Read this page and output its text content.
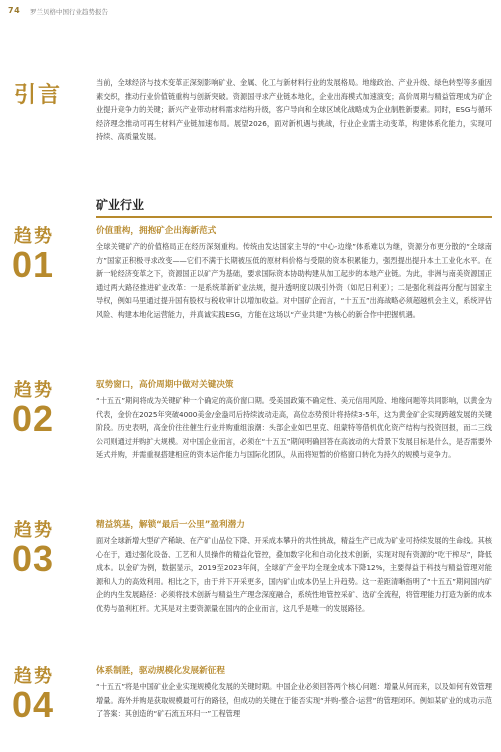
74 罗兰贝格中国行业趋势报告
引言
当前，全球经济与技术变革正深刻影响矿业、金属、化工与新材料行业的发展格局。地缘政治、产业升级、绿色转型等多重因素交织，推动行业价值链重构与创新突破。资源国寻求产业链本地化，企业出海模式加速演变；高价周期与精益管理成为矿企业提升竞争力的关键；新兴产业带动材料需求结构升级，客户导向和全球区域化战略成为企业制胜新要素。同时，ESG与循环经济理念推动可再生材料产业链加速布局。展望2026，面对新机遇与挑战，行业企业需主动变革，构建体系化能力，实现可持续、高质量发展。
矿业行业
趋势
01
价值重构，拥抱矿企出海新范式
全球关键矿产的价值格局正在经历深刻重构。传统由发达国家主导的“中心-边缘”体系难以为继，资源分布更分散的“全球南方”国家正积极寻求改变——它们不满于长期被压低的原材料价格与受限的资本积累能力，强烈提出提升本土工业化水平。在新一轮经济变革之下，资源国正以矿产为基础，要求国际资本协助构建从加工起步的本地产业链。为此，非洲与南美资源国正通过两大路径推进矿业改革：一是系统革新矿业法规，提升透明度以吸引外资（如尼日利亚）；二是强化利益再分配与国家主导权，例如马里通过提升国有股权与税收审计以增加收益。对中国矿企而言，“十五五”出海战略必须超越机会主义，系统评估风险、构建本地化运营能力，并真诚实践ESG，方能在这场以“产业共建”为核心的新合作中把握机遇。
趋势
02
驭势窗口，高价周期中做对关键决策
“十五五”期间将成为关键矿种一个确定的高价窗口期。受美国政策不确定性、美元信用风险、地缘问题等共同影响，以黄金为代表，金价在2025年突破4000美金/金盎司后持续波动走高，高位态势预计将持续3-5年，这为黄金矿企实现跨越发展的关键阶段。历史表明，高金价往往催生行业并购重组浪潮：头部企业如巴里克、纽蒙特等借机优化资产结构与投资回报，而二三线公司则通过并购扩大规模。对中国企业而言，必须在“十五五”期间明确回答在高波动的大背景下发展目标是什么，是否需要外延式并购，并需重视搭建相应的资本运作能力与国际化团队，从而将短暂的价格窗口转化为持久的规模与竞争力。
趋势
03
精益筑基，解锁“最后一公里”盈利潜力
面对全球新增大型矿产稀缺、在产矿山品位下降、开采成本攀升的共性挑战，精益生产已成为矿业可持续发展的生命线。其核心在于，通过强化设备、工艺和人员操作的精益化管控，叠加数字化和自动化技术创新，实现对现有资源的“吃干榨尽”，降低成本。以金矿为例，数据显示，2019至2023年间，全球矿产金平均全现金成本下降12%，主要得益于科技与精益管理对能源和人力的高效利用。相比之下，由于并下开采更多，国内矿山成本仍呈上升趋势。这一差距清晰指明了“十五五”期间国内矿企的内生发展路径：必须将技术创新与精益生产理念深度融合，系统性地管控采矿、选矿全流程，将管理能力打造为新的成本优势与盈利杠杆。尤其是对主要资源量在国内的企业而言，这几乎是唯一的发展路径。
趋势
04
体系制胜，驱动规模化发展新征程
“十五五”将是中国矿业企业实现规模化发展的关键时期。中国企业必须回答两个核心问题：增量从何而来，以及如何有效管理增量。海外并购是获取规模最可行的路径，但成功的关键在于能否实现“并购-整合-运营”的管理闭环。例如某矿业的成功示范了答案：其创造的“矿石流五环归一”工程管理
